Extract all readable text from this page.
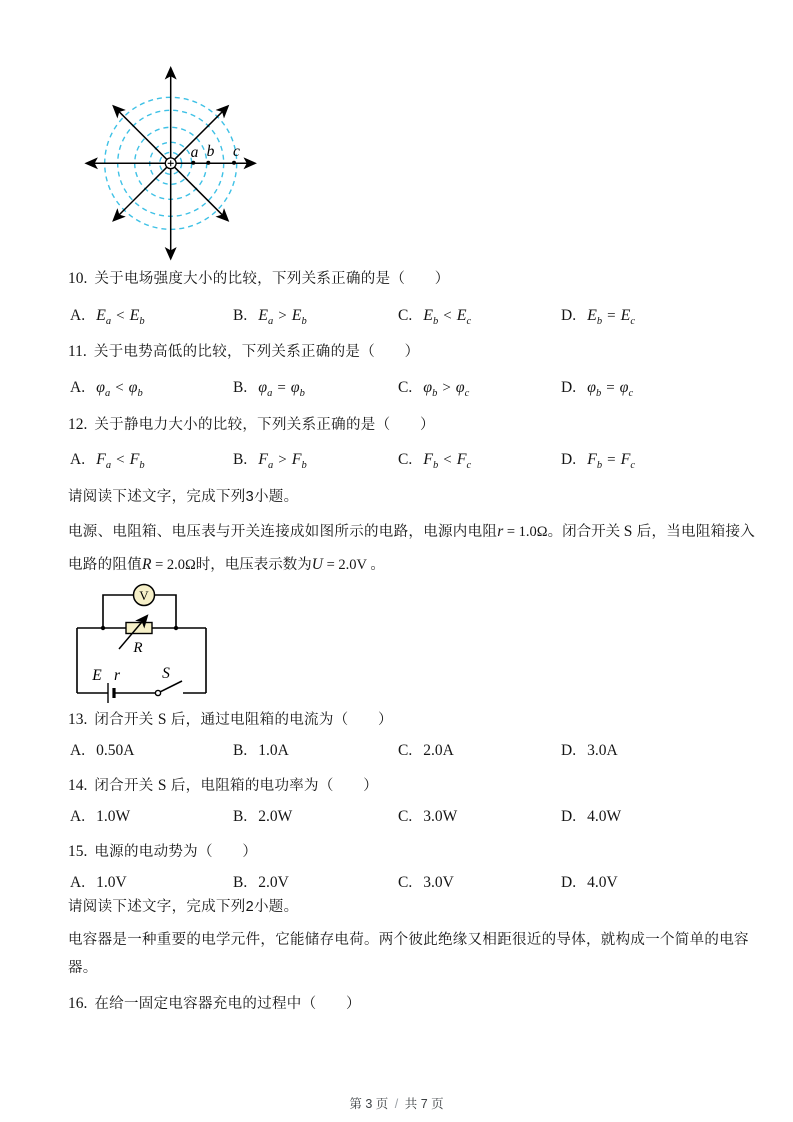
a b c
10. 关于电场强度大小的比较，下列关系正确的是（　　）
A. $E_a < E_b$	B. $E_a > E_b$	C. $E_b < E_c$	D. $E_b = E_c$
11. 关于电势高低的比较，下列关系正确的是（　　）
A. $\varphi_a < \varphi_b$	B. $\varphi_a = \varphi_b$	C. $\varphi_b > \varphi_c$	D. $\varphi_b = \varphi_c$
12. 关于静电力大小的比较，下列关系正确的是（　　）
A. $F_a < F_b$	B. $F_a > F_b$	C. $F_b < F_c$	D. $F_b = F_c$
请阅读下述文字，完成下列3小题。
电源、电阻箱、电压表与开关连接成如图所示的电路，电源内电阻r = 1.0Ω。闭合开关 S 后，当电阻箱接入
电路的阻值R = 2.0Ω时，电压表示数为U = 2.0V 。
V
R
E r	S
13. 闭合开关 S 后，通过电阻箱的电流为（　　）
A. 0.50A	B. 1.0A	C. 2.0A	D. 3.0A
14. 闭合开关 S 后，电阻箱的电功率为（　　）
A. 1.0W	B. 2.0W	C. 3.0W	D. 4.0W
15. 电源的电动势为（　　）
A. 1.0V	B. 2.0V	C. 3.0V	D. 4.0V
请阅读下述文字，完成下列2小题。
电容器是一种重要的电学元件，它能储存电荷。两个彼此绝缘又相距很近的导体，就构成一个简单的电容
器。
16. 在给一固定电容器充电的过程中（　　）
第 3 页 / 共 7 页
